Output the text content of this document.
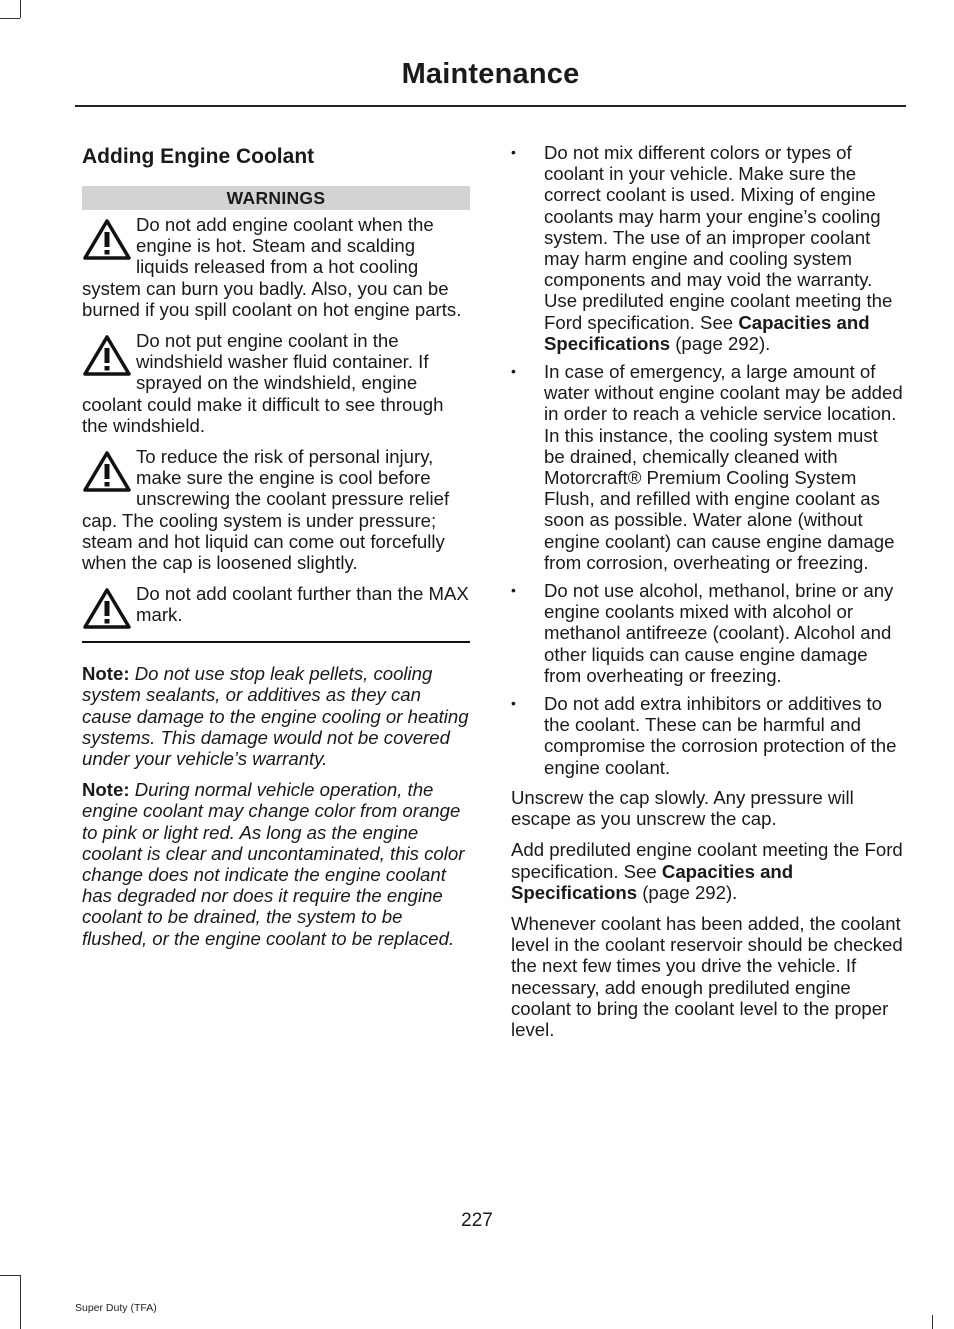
Maintenance
Adding Engine Coolant
WARNINGS
Do not add engine coolant when the engine is hot. Steam and scalding liquids released from a hot cooling system can burn you badly. Also, you can be burned if you spill coolant on hot engine parts.
Do not put engine coolant in the windshield washer fluid container. If sprayed on the windshield, engine coolant could make it difficult to see through the windshield.
To reduce the risk of personal injury, make sure the engine is cool before unscrewing the coolant pressure relief cap. The cooling system is under pressure; steam and hot liquid can come out forcefully when the cap is loosened slightly.
Do not add coolant further than the MAX mark.

Note: Do not use stop leak pellets, cooling system sealants, or additives as they can cause damage to the engine cooling or heating systems. This damage would not be covered under your vehicle’s warranty.

Note: During normal vehicle operation, the engine coolant may change color from orange to pink or light red. As long as the engine coolant is clear and uncontaminated, this color change does not indicate the engine coolant has degraded nor does it require the engine coolant to be drained, the system to be flushed, or the engine coolant to be replaced.

• Do not mix different colors or types of coolant in your vehicle. Make sure the correct coolant is used. Mixing of engine coolants may harm your engine’s cooling system. The use of an improper coolant may harm engine and cooling system components and may void the warranty. Use prediluted engine coolant meeting the Ford specification. See Capacities and Specifications (page 292).
• In case of emergency, a large amount of water without engine coolant may be added in order to reach a vehicle service location. In this instance, the cooling system must be drained, chemically cleaned with Motorcraft® Premium Cooling System Flush, and refilled with engine coolant as soon as possible. Water alone (without engine coolant) can cause engine damage from corrosion, overheating or freezing.
• Do not use alcohol, methanol, brine or any engine coolants mixed with alcohol or methanol antifreeze (coolant). Alcohol and other liquids can cause engine damage from overheating or freezing.
• Do not add extra inhibitors or additives to the coolant. These can be harmful and compromise the corrosion protection of the engine coolant.

Unscrew the cap slowly. Any pressure will escape as you unscrew the cap.

Add prediluted engine coolant meeting the Ford specification. See Capacities and Specifications (page 292).

Whenever coolant has been added, the coolant level in the coolant reservoir should be checked the next few times you drive the vehicle. If necessary, add enough prediluted engine coolant to bring the coolant level to the proper level.

227
Super Duty (TFA)
